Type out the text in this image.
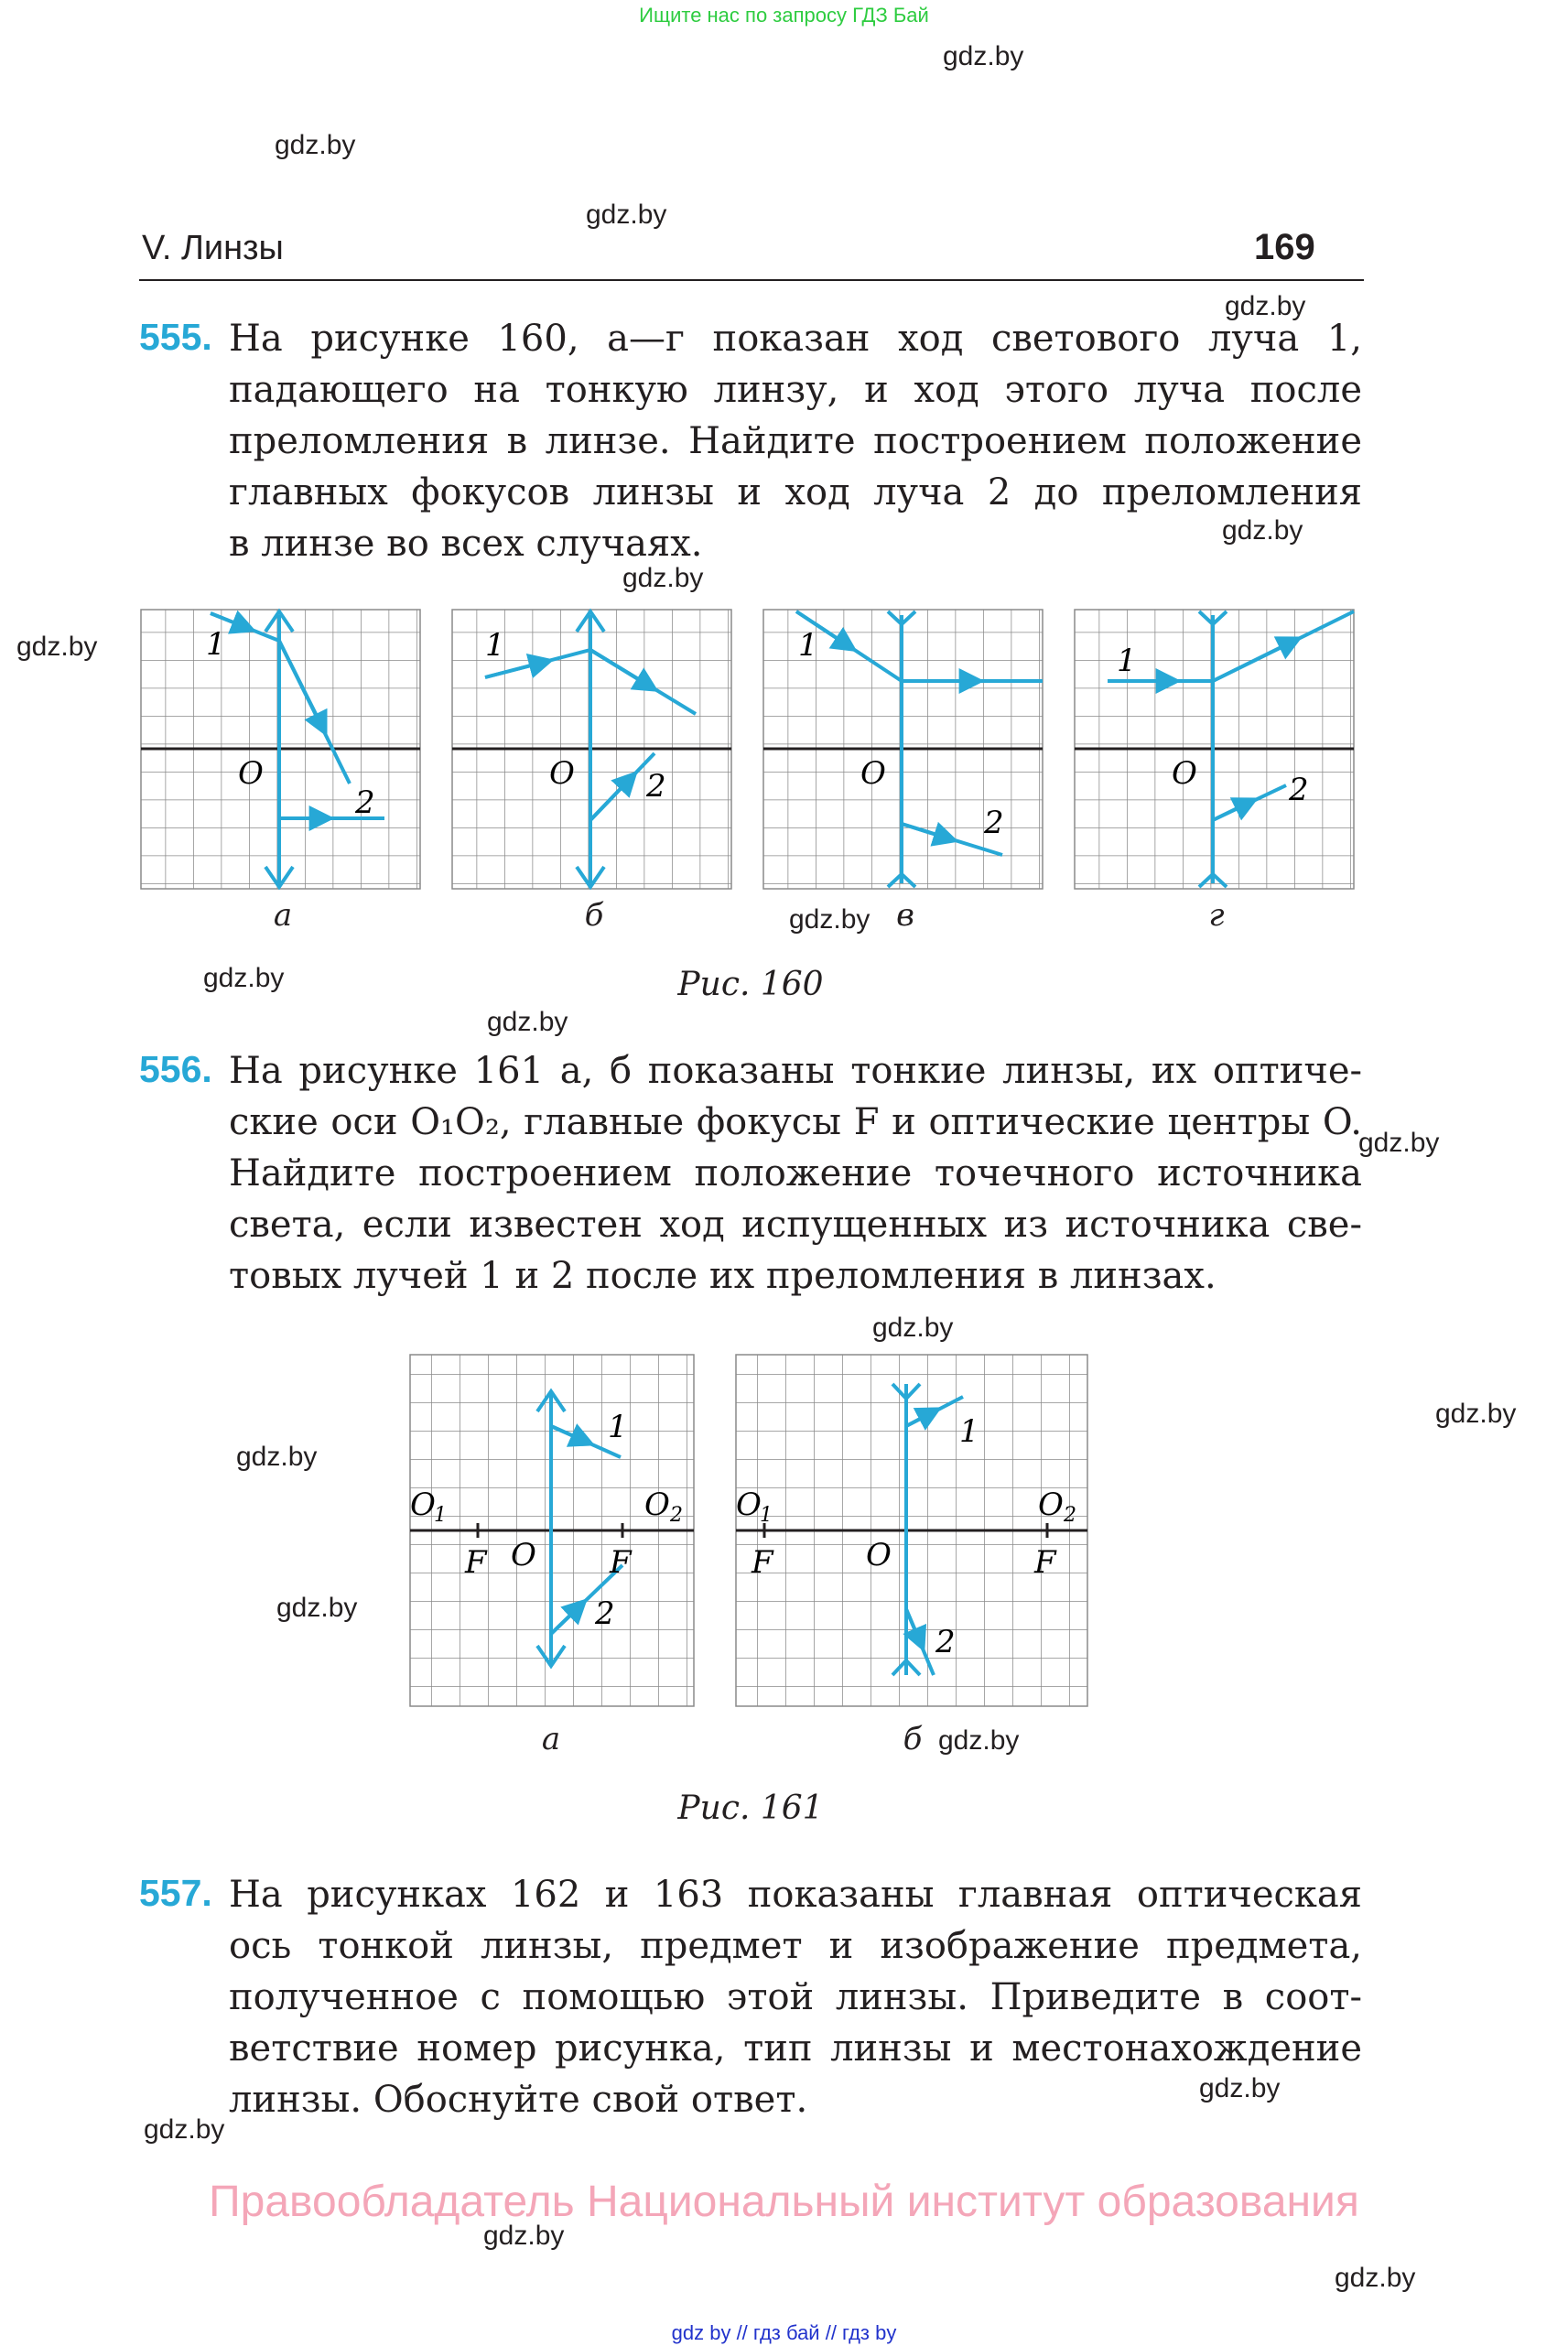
Ищите нас по запросу ГДЗ Бай
gdz.by
gdz.by
gdz.by
gdz.by
gdz.by
gdz.by
gdz.by
gdz.by
gdz.by
gdz.by
gdz.by
gdz.by
gdz.by
gdz.by
gdz.by
gdz.by
gdz.by
gdz.by
gdz.by
gdz.by
V. Линзы	169
555. На рисунке 160, а—г показан ход светового луча 1,
падающего на тонкую линзу, и ход этого луча после
преломления в линзе. Найдите построением положение
главных фокусов линзы и ход луча 2 до преломления
в линзе во всех случаях.
1
O
2
1
O 2
1
O
2
1
O	2
а	б	в	г
Рис. 160
556. На рисунке 161 а, б показаны тонкие линзы, их оптиче-
ские оси O₁O₂, главные фокусы F и оптические центры O.
Найдите построением положение точечного источника
света, если известен ход испущенных из источника све-
товых лучей 1 и 2 после их преломления в линзах.
1
2
O
F	F
O
1	O 2
1
2
O
F	F
O
1	O 2
а	б
Рис. 161
557. На рисунках 162 и 163 показаны главная оптическая
ось тонкой линзы, предмет и изображение предмета,
полученное с помощью этой линзы. Приведите в соот-
ветствие номер рисунка, тип линзы и местонахождение
линзы. Обоснуйте свой ответ.
Правообладатель Национальный институт образования
gdz by // гдз бай // гдз by
